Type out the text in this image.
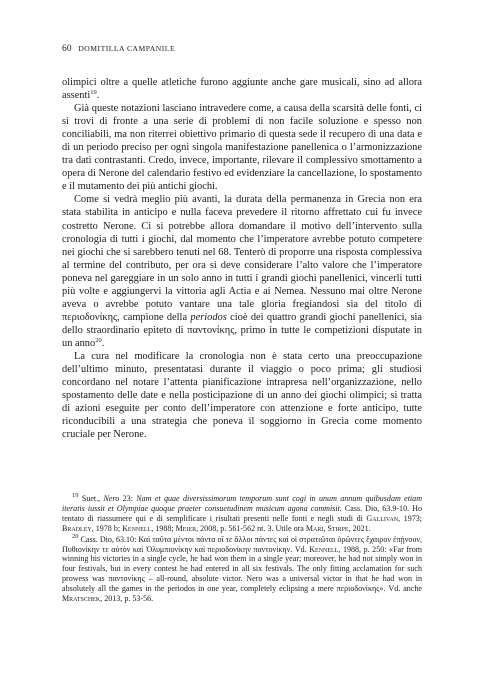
60 DOMITILLA CAMPANILE

olimpici oltre a quelle atletiche furono aggiunte anche gare musicali, sino ad allora assenti$^{19}$.

Già queste notazioni lasciano intravedere come, a causa della scarsità delle fonti, ci si trovi di fronte a una serie di problemi di non facile soluzione e spesso non conciliabili, ma non riterrei obiettivo primario di questa sede il recupero di una data e di un periodo preciso per ogni singola manifestazione panellenica o l’armonizzazione tra dati contrastanti. Credo, invece, importante, rilevare il complessivo smottamento a opera di Nerone del calendario festivo ed evidenziare la cancellazione, lo spostamento e il mutamento dei più antichi giochi.

Come si vedrà meglio più avanti, la durata della permanenza in Grecia non era stata stabilita in anticipo e nulla faceva prevedere il ritorno affrettato cui fu invece costretto Nerone. Ci si potrebbe allora domandare il motivo dell’intervento sulla cronologia di tutti i giochi, dal momento che l’imperatore avrebbe potuto competere nei giochi che si sarebbero tenuti nel 68. Tenterò di proporre una risposta complessiva al termine del contributo, per ora si deve considerare l’alto valore che l’imperatore poneva nel gareggiare in un solo anno in tutti i grandi giochi panellenici, vincerli tutti più volte e aggiungervi la vittoria agli Actia e ai Nemea. Nessuno mai oltre Nerone aveva o avrebbe potuto vantare una tale gloria fregiandosi sia del titolo di περιοδονίκης, campione della periodos cioè dei quattro grandi giochi panellenici, sia dello straordinario epiteto di παντονίκης, primo in tutte le competizioni disputate in un anno$^{20}$.

La cura nel modificare la cronologia non è stata certo una preoccupazione dell’ultimo minuto, presentatasi durante il viaggio o poco prima; gli studiosi concordano nel notare l’attenta pianificazione intrapresa nell’organizzazione, nello spostamento delle date e nella posticipazione di un anno dei giochi olimpici; si tratta di azioni eseguite per conto dell’imperatore con attenzione e forte anticipo, tutte riconducibili a una strategia che poneva il soggiorno in Grecia come momento cruciale per Nerone.

$^{19}$ Suet., Nero 23: Nam et quae diversissimorum temporum sunt cogi in unum annum quibusdam etiam iteratis iussit et Olympiae quoque praeter consuetudinem musicum agona commisit. Cass. Dio, 63.9-10. Ho tentato di riassumere qui e di semplificare i risultati presenti nelle fonti e negli studi di Gallivan, 1973; Bradley, 1978 b; Kennell, 1988; Meier, 2008, p. 561-562 nt. 3. Utile ora Mari, Stirpe, 2021.

$^{20}$ Cass. Dio, 63.10: Καὶ ταῦτα μέντοι πάντα οἵ τε ἄλλοι πάντες καὶ οἱ στρατιῶται ὁρῶντες ἔχαιρον ἐπῄνουν, Πυθιονίκην τε αὐτὸν καὶ Ὀλυμπιονίκην καὶ περιοδονίκην παντονίκην. Vd. Kennell, 1988, p. 250: «Far from winning his victories in a single cycle, he had won them in a single year; moreover, he had not simply won in four festivals, but in every contest he had entered in all six festivals. The only fitting acclamation for such prowess was παντονίκης – all-round, absolute victor. Nero was a universal victor in that he had won in absolutely all the games in the periodos in one year, completely eclipsing a mere περιοδονίκης». Vd. anche Mratschek, 2013, p. 53-56.
